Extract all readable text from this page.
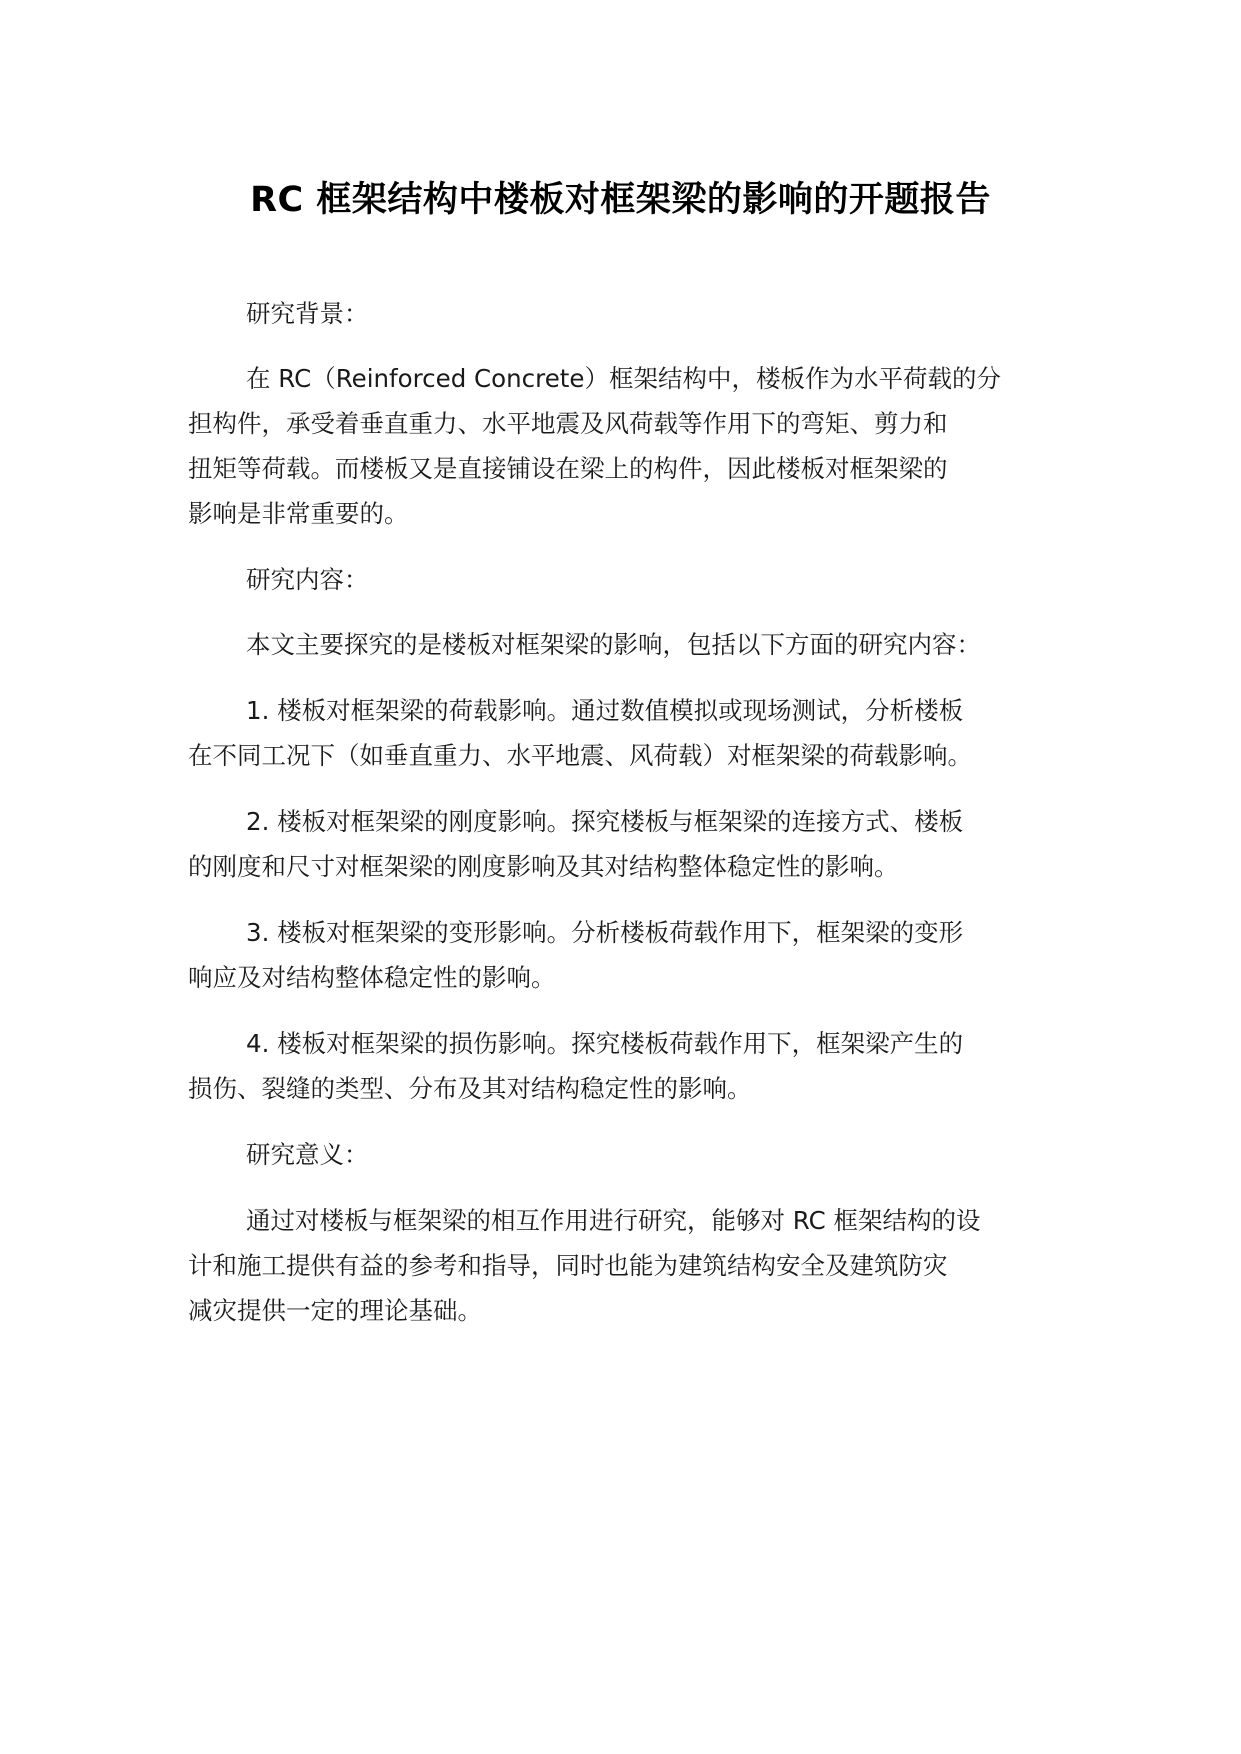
RC 框架结构中楼板对框架梁的影响的开题报告
研究背景：
在 RC（Reinforced Concrete）框架结构中，楼板作为水平荷载的分
担构件，承受着垂直重力、水平地震及风荷载等作用下的弯矩、剪力和
扭矩等荷载。而楼板又是直接铺设在梁上的构件，因此楼板对框架梁的
影响是非常重要的。
研究内容：
本文主要探究的是楼板对框架梁的影响，包括以下方面的研究内容：
1. 楼板对框架梁的荷载影响。通过数值模拟或现场测试，分析楼板
在不同工况下（如垂直重力、水平地震、风荷载）对框架梁的荷载影响。
2. 楼板对框架梁的刚度影响。探究楼板与框架梁的连接方式、楼板
的刚度和尺寸对框架梁的刚度影响及其对结构整体稳定性的影响。
3. 楼板对框架梁的变形影响。分析楼板荷载作用下，框架梁的变形
响应及对结构整体稳定性的影响。
4. 楼板对框架梁的损伤影响。探究楼板荷载作用下，框架梁产生的
损伤、裂缝的类型、分布及其对结构稳定性的影响。
研究意义：
通过对楼板与框架梁的相互作用进行研究，能够对 RC 框架结构的设
计和施工提供有益的参考和指导，同时也能为建筑结构安全及建筑防灾
减灾提供一定的理论基础。
